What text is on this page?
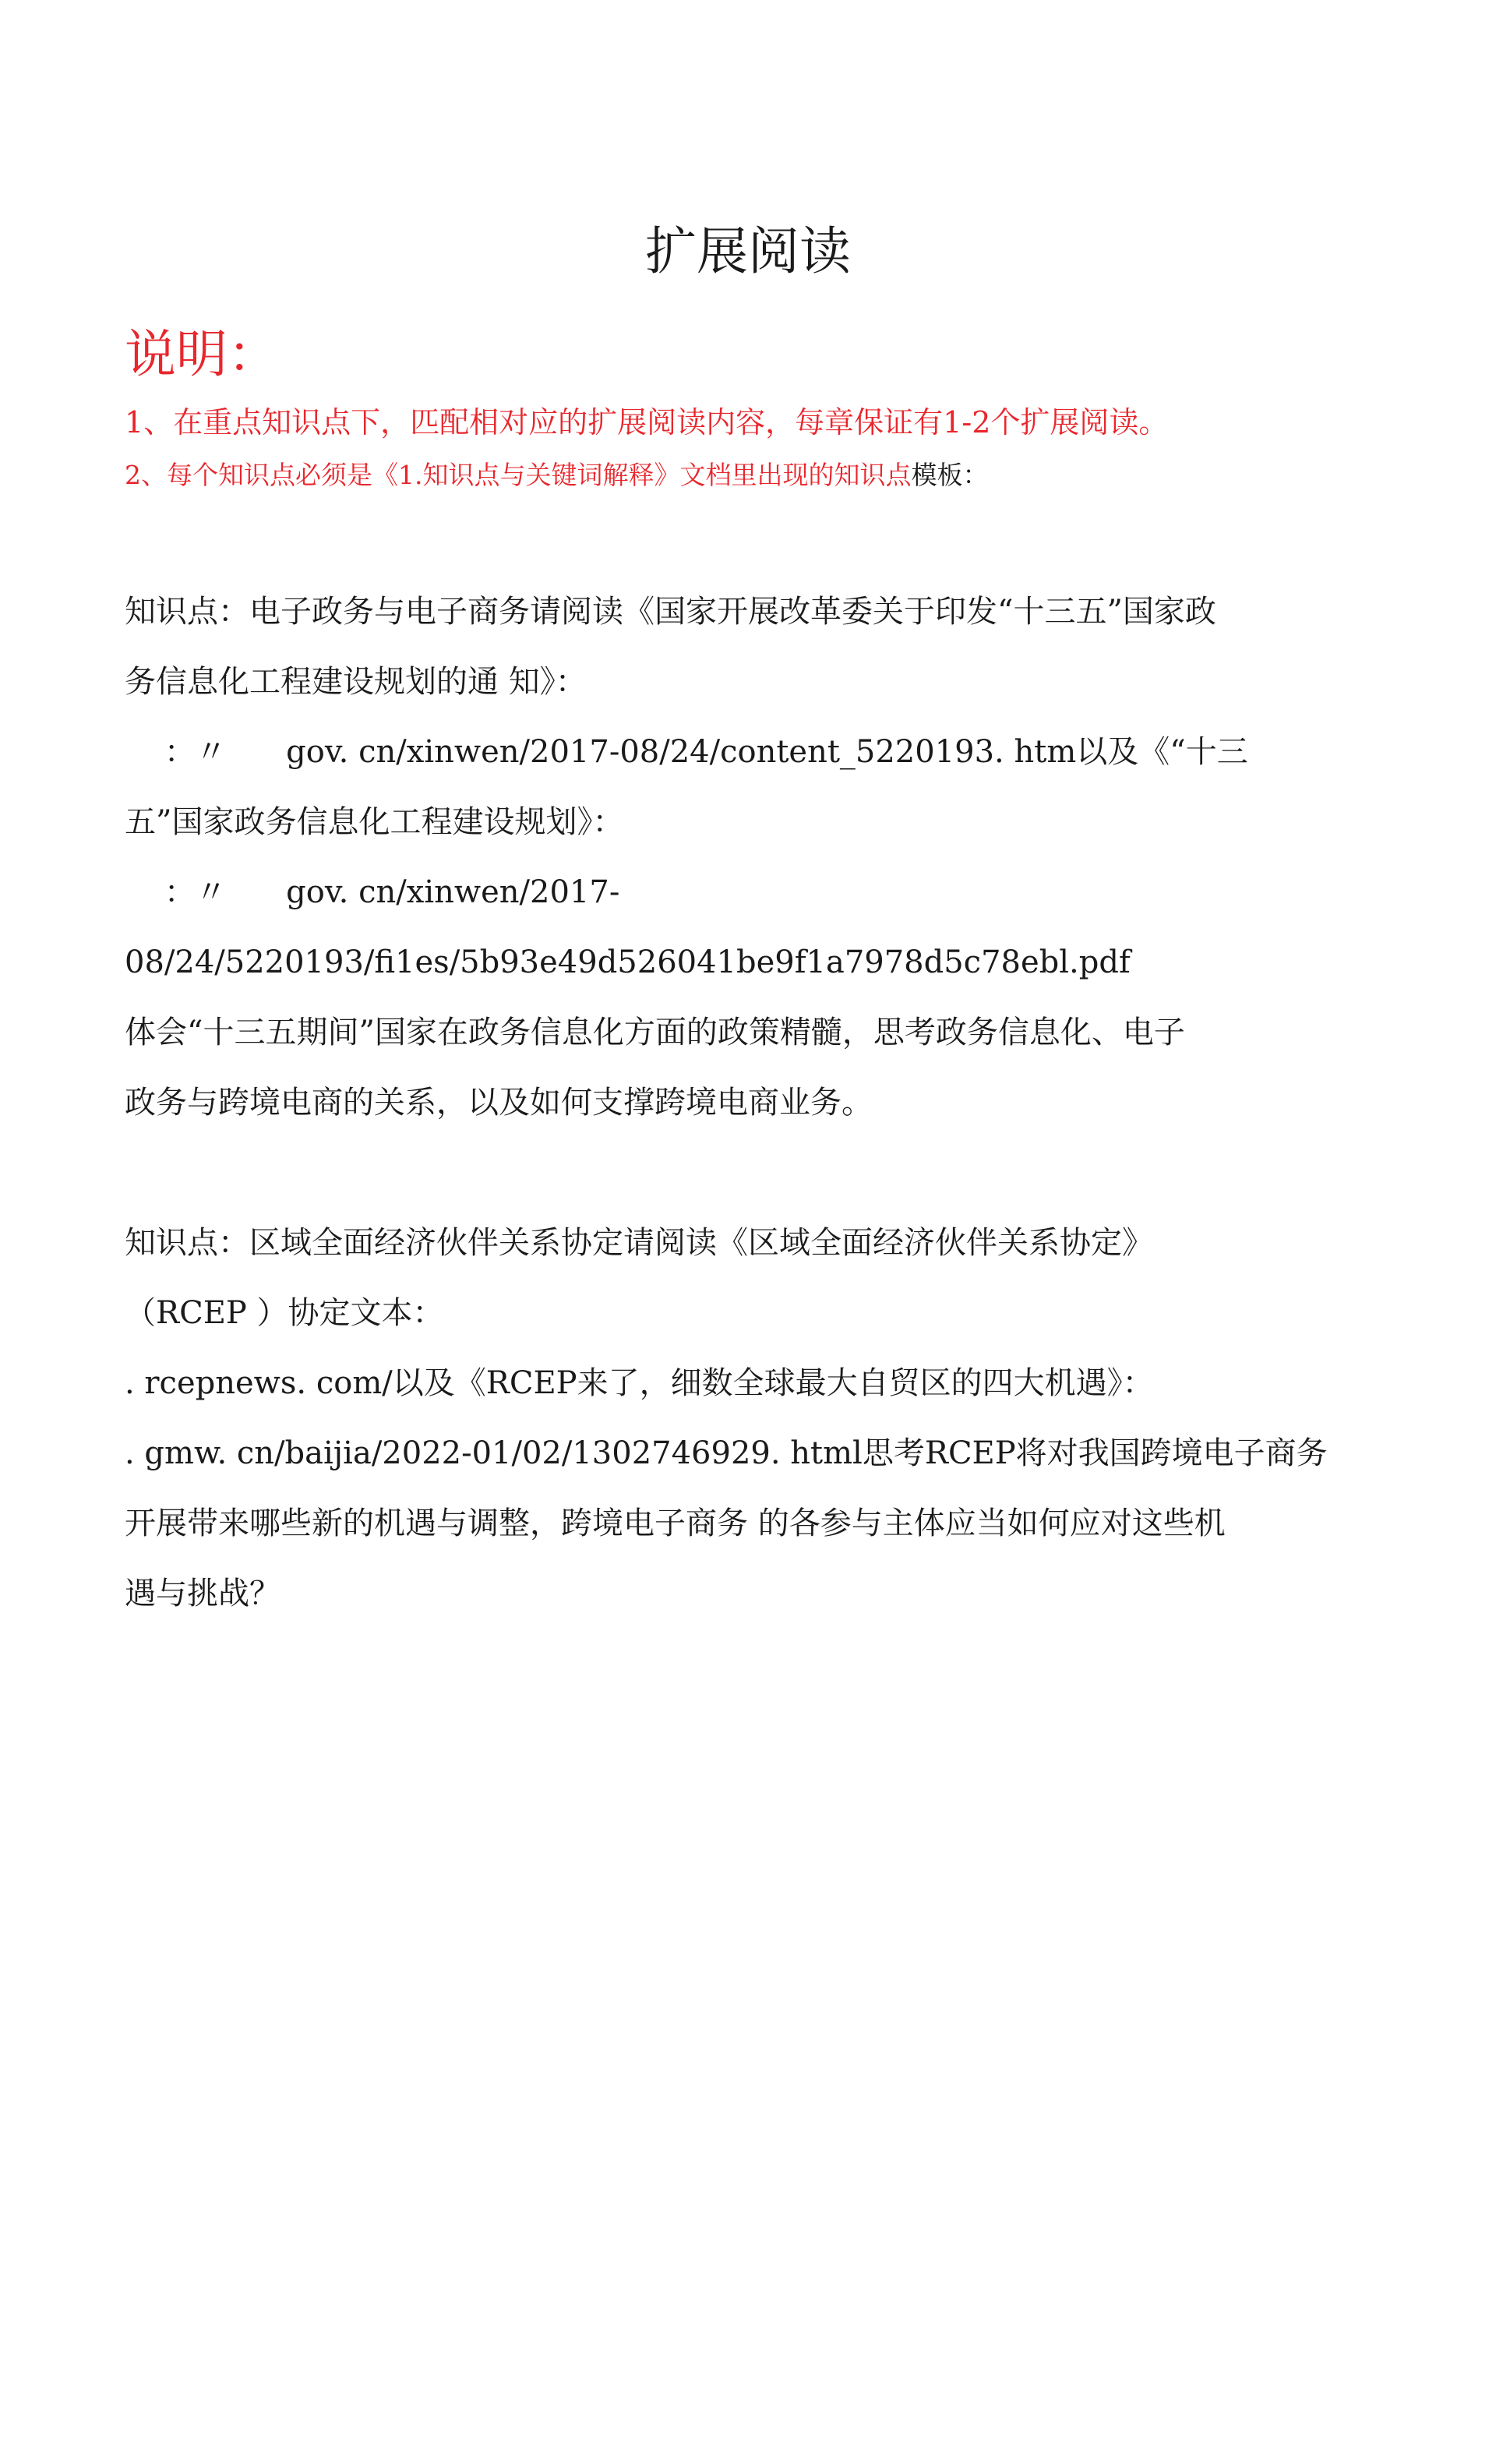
扩展阅读
说明：

1、在重点知识点下，匹配相对应的扩展阅读内容，每章保证有1-2个扩展阅读。

2、每个知识点必须是《1.知识点与关键词解释》文档里出现的知识点模板：

知识点：电子政务与电子商务请阅读《国家开展改革委关于印发“十三五”国家政
务信息化工程建设规划的通 知》：
：〃      gov. cn/xinwen/2017-08/24/content_5220193. htm以及《“十三
五”国家政务信息化工程建设规划》：
：〃      gov. cn/xinwen/2017-
08/24/5220193/fi1es/5b93e49d526041be9f1a7978d5c78ebl.pdf
体会“十三五期间”国家在政务信息化方面的政策精髓，思考政务信息化、电子
政务与跨境电商的关系，以及如何支撑跨境电商业务。
知识点：区域全面经济伙伴关系协定请阅读《区域全面经济伙伴关系协定》
（RCEP ）协定文本：
. rcepnews. com/以及《RCEP来了，细数全球最大自贸区的四大机遇》：
. gmw. cn/baijia/2022-01/02/1302746929. html思考RCEP将对我国跨境电子商务
开展带来哪些新的机遇与调整，跨境电子商务 的各参与主体应当如何应对这些机
遇与挑战？
